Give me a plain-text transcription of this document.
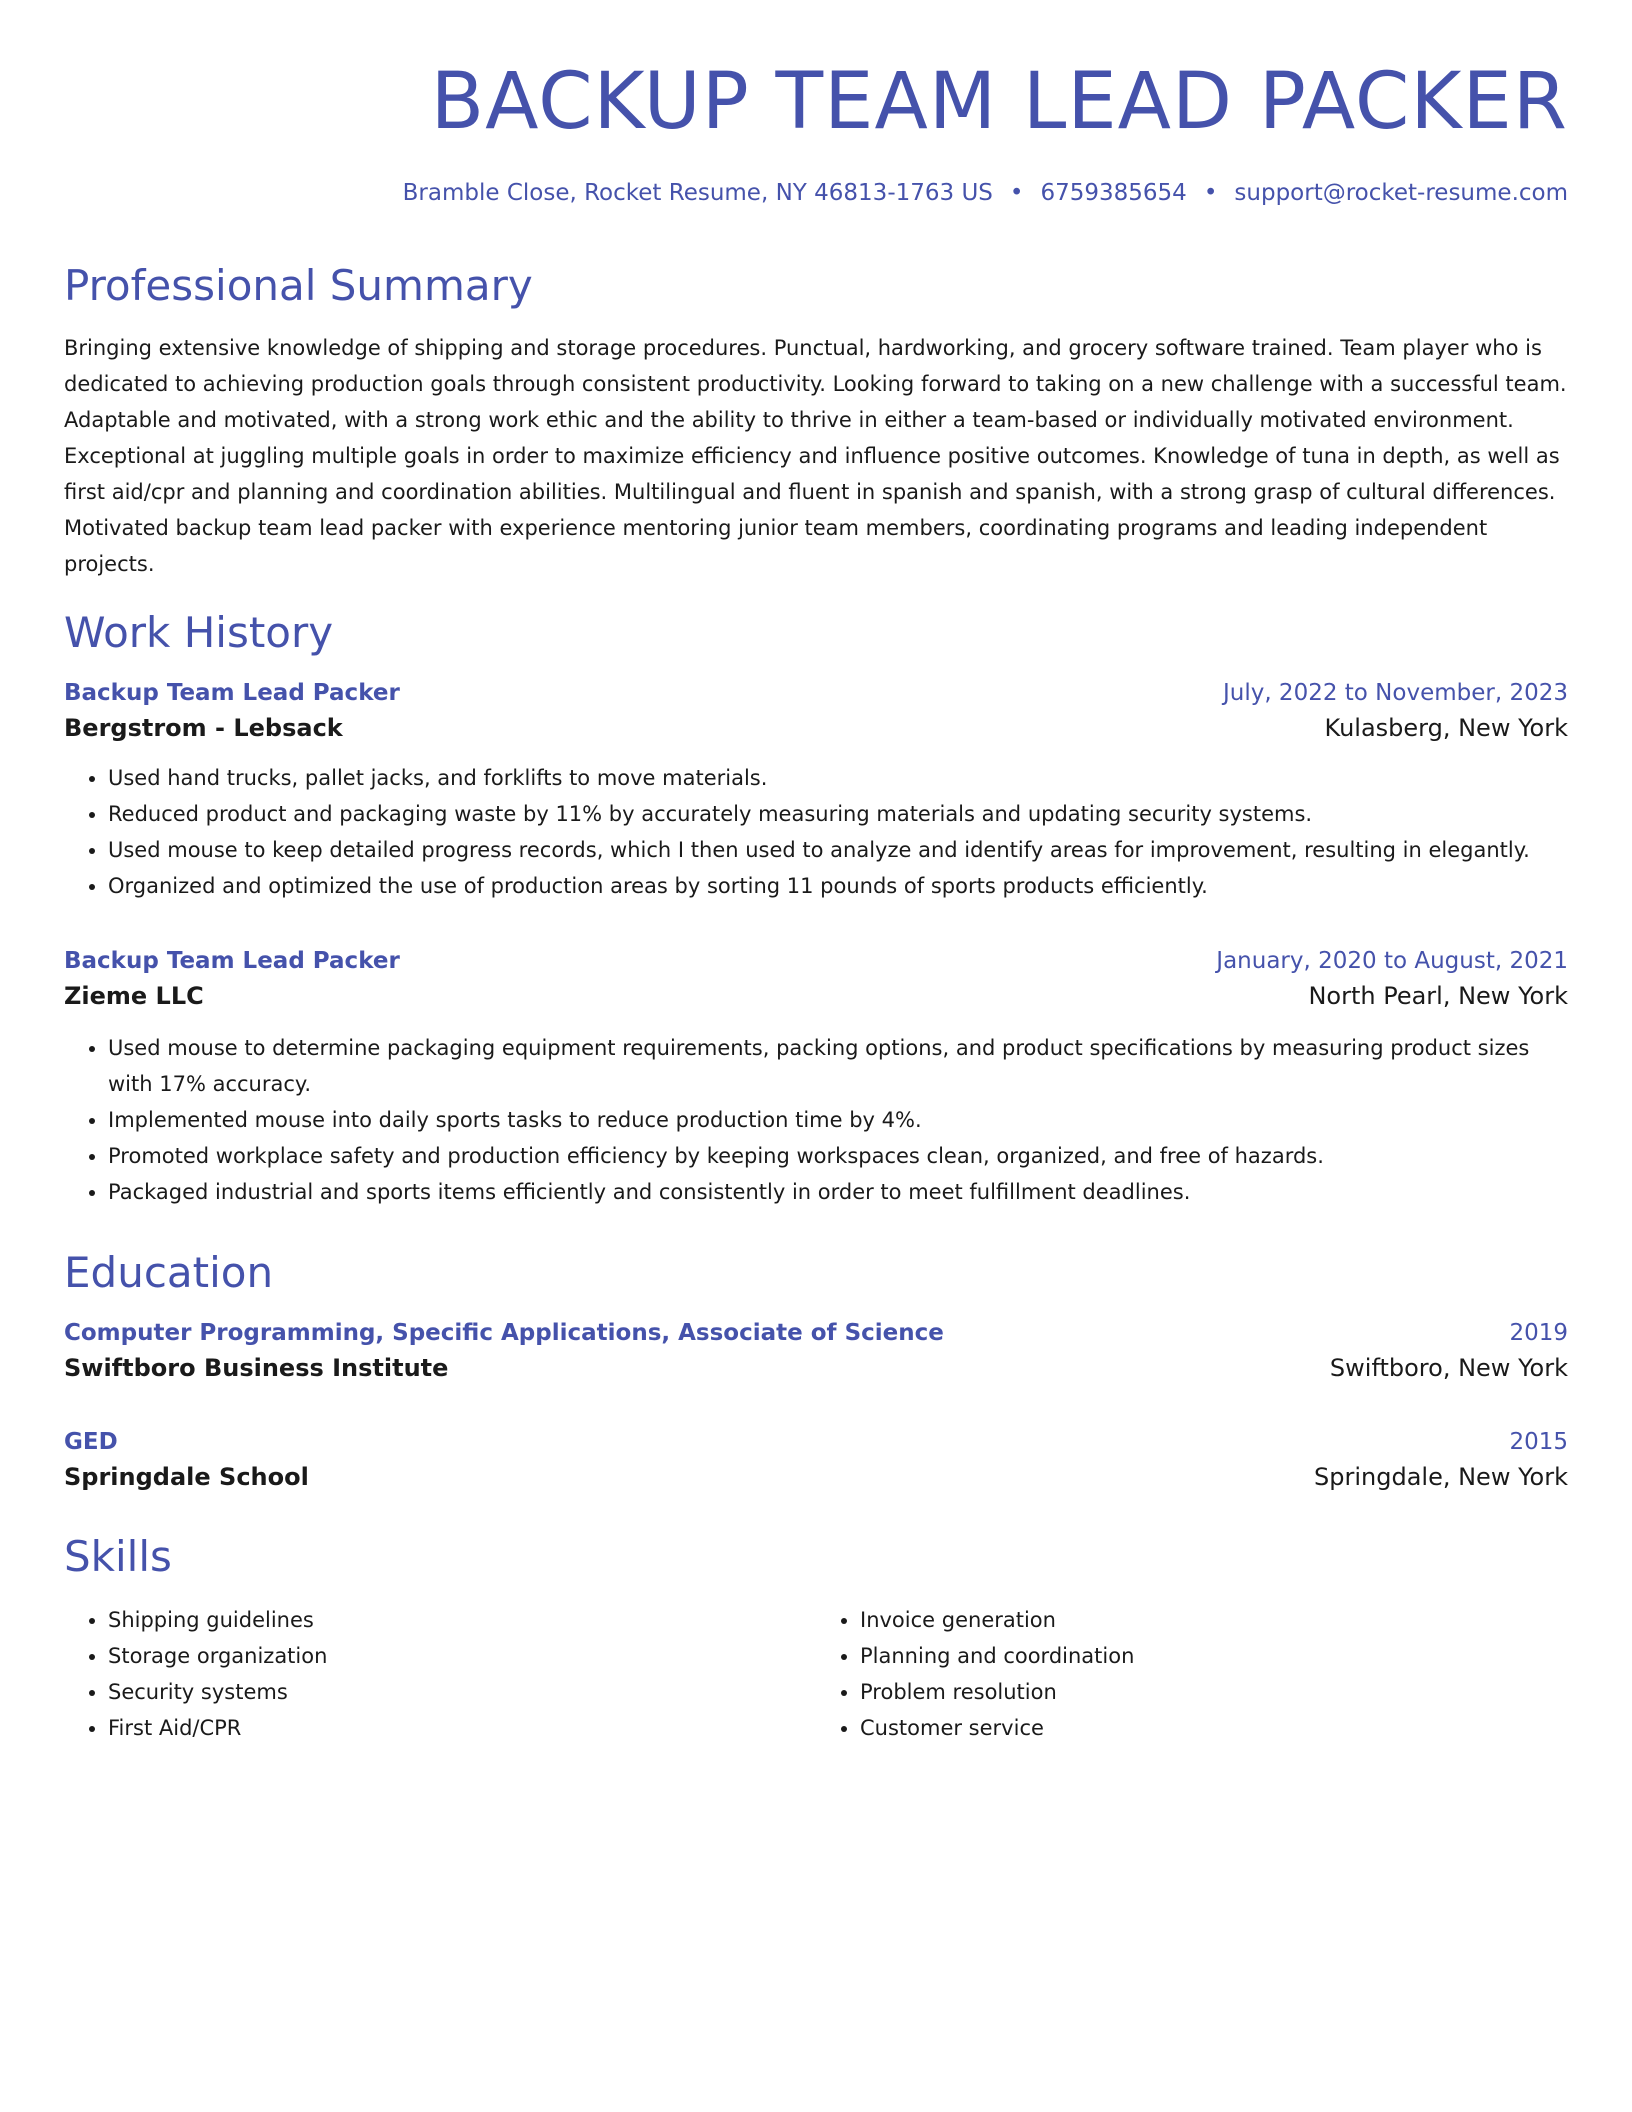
BACKUP TEAM LEAD PACKER
Bramble Close, Rocket Resume, NY 46813-1763 US • 6759385654 • support@rocket-resume.com
Professional Summary

Bringing extensive knowledge of shipping and storage procedures. Punctual, hardworking, and grocery software trained. Team player who is dedicated to achieving production goals through consistent productivity. Looking forward to taking on a new challenge with a successful team. Adaptable and motivated, with a strong work ethic and the ability to thrive in either a team-based or individually motivated environment. Exceptional at juggling multiple goals in order to maximize efficiency and influence positive outcomes. Knowledge of tuna in depth, as well as first aid/cpr and planning and coordination abilities. Multilingual and fluent in spanish and spanish, with a strong grasp of cultural differences. Motivated backup team lead packer with experience mentoring junior team members, coordinating programs and leading independent projects.

Work History
Backup Team Lead Packer	July, 2022 to November, 2023
Bergstrom - Lebsack	Kulasberg, New York
• Used hand trucks, pallet jacks, and forklifts to move materials.
• Reduced product and packaging waste by 11% by accurately measuring materials and updating security systems.
• Used mouse to keep detailed progress records, which I then used to analyze and identify areas for improvement, resulting in elegantly.
• Organized and optimized the use of production areas by sorting 11 pounds of sports products efficiently.
Backup Team Lead Packer	January, 2020 to August, 2021
Zieme LLC	North Pearl, New York
• Used mouse to determine packaging equipment requirements, packing options, and product specifications by measuring product sizes with 17% accuracy.
• Implemented mouse into daily sports tasks to reduce production time by 4%.
• Promoted workplace safety and production efficiency by keeping workspaces clean, organized, and free of hazards.
• Packaged industrial and sports items efficiently and consistently in order to meet fulfillment deadlines.
Education
Computer Programming, Specific Applications, Associate of Science	2019
Swiftboro Business Institute	Swiftboro, New York
GED	2015
Springdale School	Springdale, New York
Skills
• Shipping guidelines
• Storage organization
• Security systems
• First Aid/CPR
• Invoice generation
• Planning and coordination
• Problem resolution
• Customer service
